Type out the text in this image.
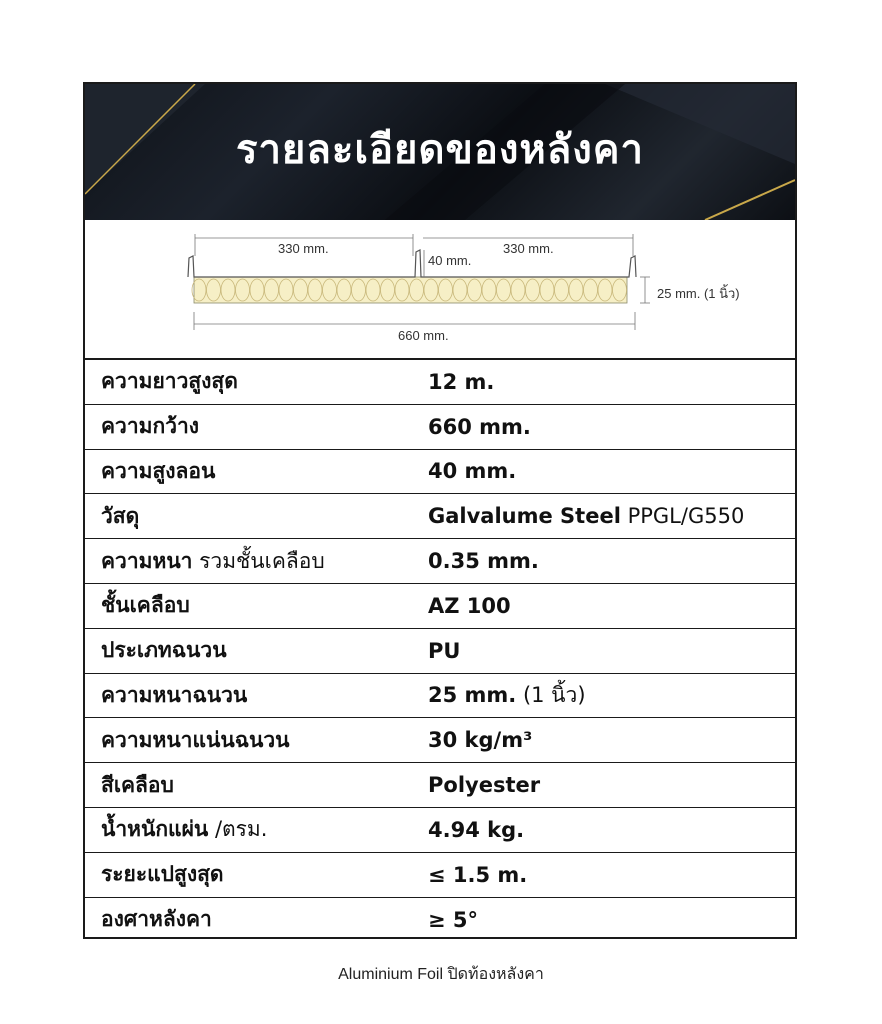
รายละเอียดของหลังคา
330 mm.	330 mm.
40 mm.
25 mm. (1 นิ้ว)
660 mm.
ความยาวสูงสุด	12 m.
ความกว้าง	660 mm.
ความสูงลอน	40 mm.
วัสดุ	Galvalume Steel PPGL/G550
ความหนา รวมชั้นเคลือบ	0.35 mm.
ชั้นเคลือบ	AZ 100
ประเภทฉนวน	PU
ความหนาฉนวน	25 mm. (1 นิ้ว)
ความหนาแน่นฉนวน	30 kg/m³
สีเคลือบ	Polyester
น้ำหนักแผ่น /ตรม.	4.94 kg.
ระยะแปสูงสุด	≤ 1.5 m.
องศาหลังคา	≥ 5°
Aluminium Foil ปิดท้องหลังคา
